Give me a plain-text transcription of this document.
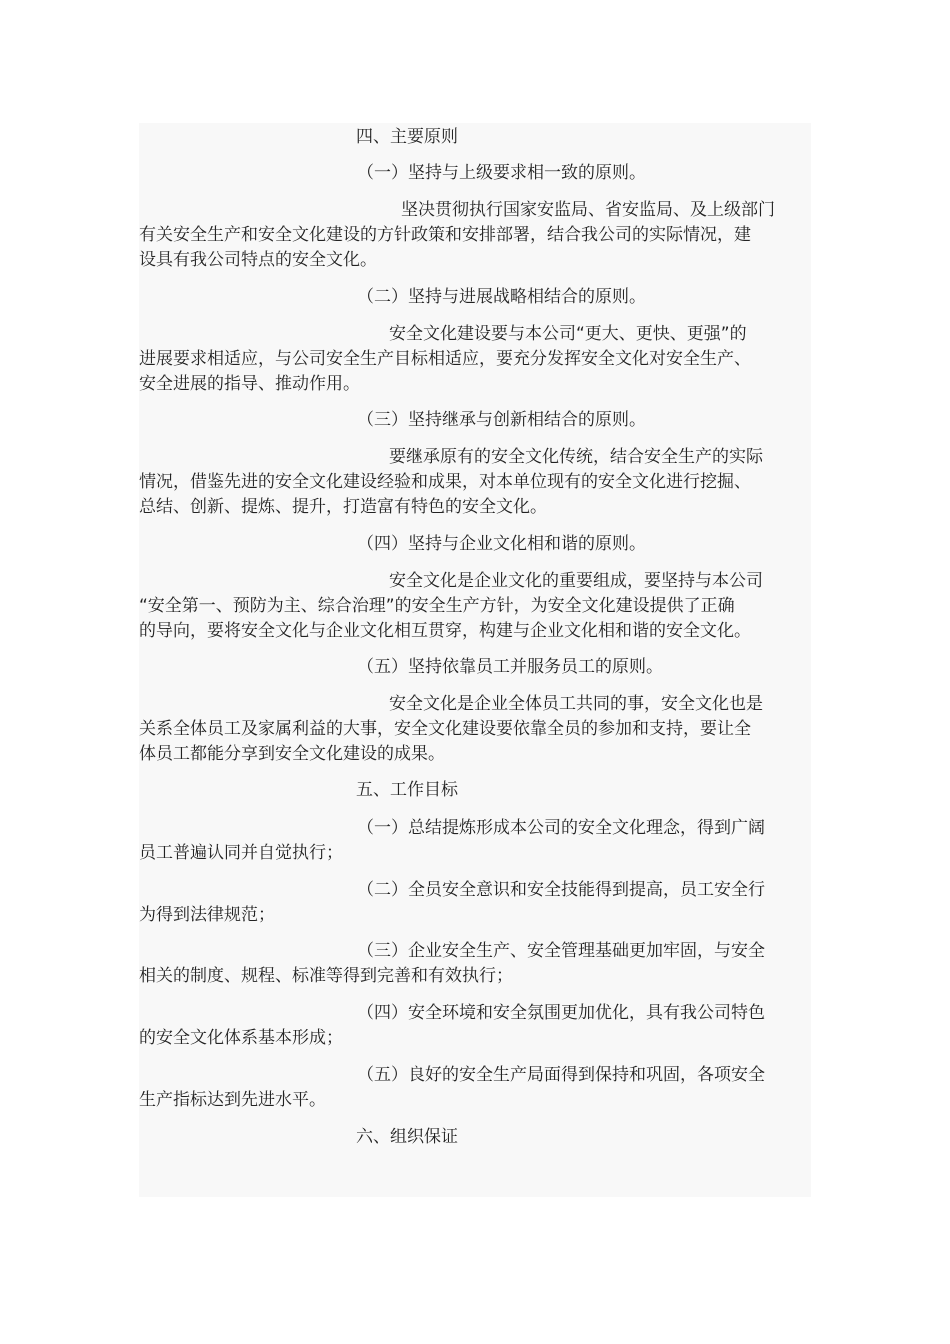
四、主要原则
（一）坚持与上级要求相一致的原则。
坚决贯彻执行国家安监局、省安监局、及上级部门
有关安全生产和安全文化建设的方针政策和安排部署，结合我公司的实际情况，建
设具有我公司特点的安全文化。
（二）坚持与进展战略相结合的原则。
安全文化建设要与本公司“更大、更快、更强”的
进展要求相适应，与公司安全生产目标相适应，要充分发挥安全文化对安全生产、
安全进展的指导、推动作用。
（三）坚持继承与创新相结合的原则。
要继承原有的安全文化传统，结合安全生产的实际
情况，借鉴先进的安全文化建设经验和成果，对本单位现有的安全文化进行挖掘、
总结、创新、提炼、提升，打造富有特色的安全文化。
（四）坚持与企业文化相和谐的原则。
安全文化是企业文化的重要组成，要坚持与本公司
“安全第一、预防为主、综合治理”的安全生产方针，为安全文化建设提供了正确
的导向，要将安全文化与企业文化相互贯穿，构建与企业文化相和谐的安全文化。
（五）坚持依靠员工并服务员工的原则。
安全文化是企业全体员工共同的事，安全文化也是
关系全体员工及家属利益的大事，安全文化建设要依靠全员的参加和支持，要让全
体员工都能分享到安全文化建设的成果。
五、工作目标
（一）总结提炼形成本公司的安全文化理念，得到广阔
员工普遍认同并自觉执行；
（二）全员安全意识和安全技能得到提高，员工安全行
为得到法律规范；
（三）企业安全生产、安全管理基础更加牢固，与安全
相关的制度、规程、标准等得到完善和有效执行；
（四）安全环境和安全氛围更加优化，具有我公司特色
的安全文化体系基本形成；
（五）良好的安全生产局面得到保持和巩固，各项安全
生产指标达到先进水平。
六、组织保证
